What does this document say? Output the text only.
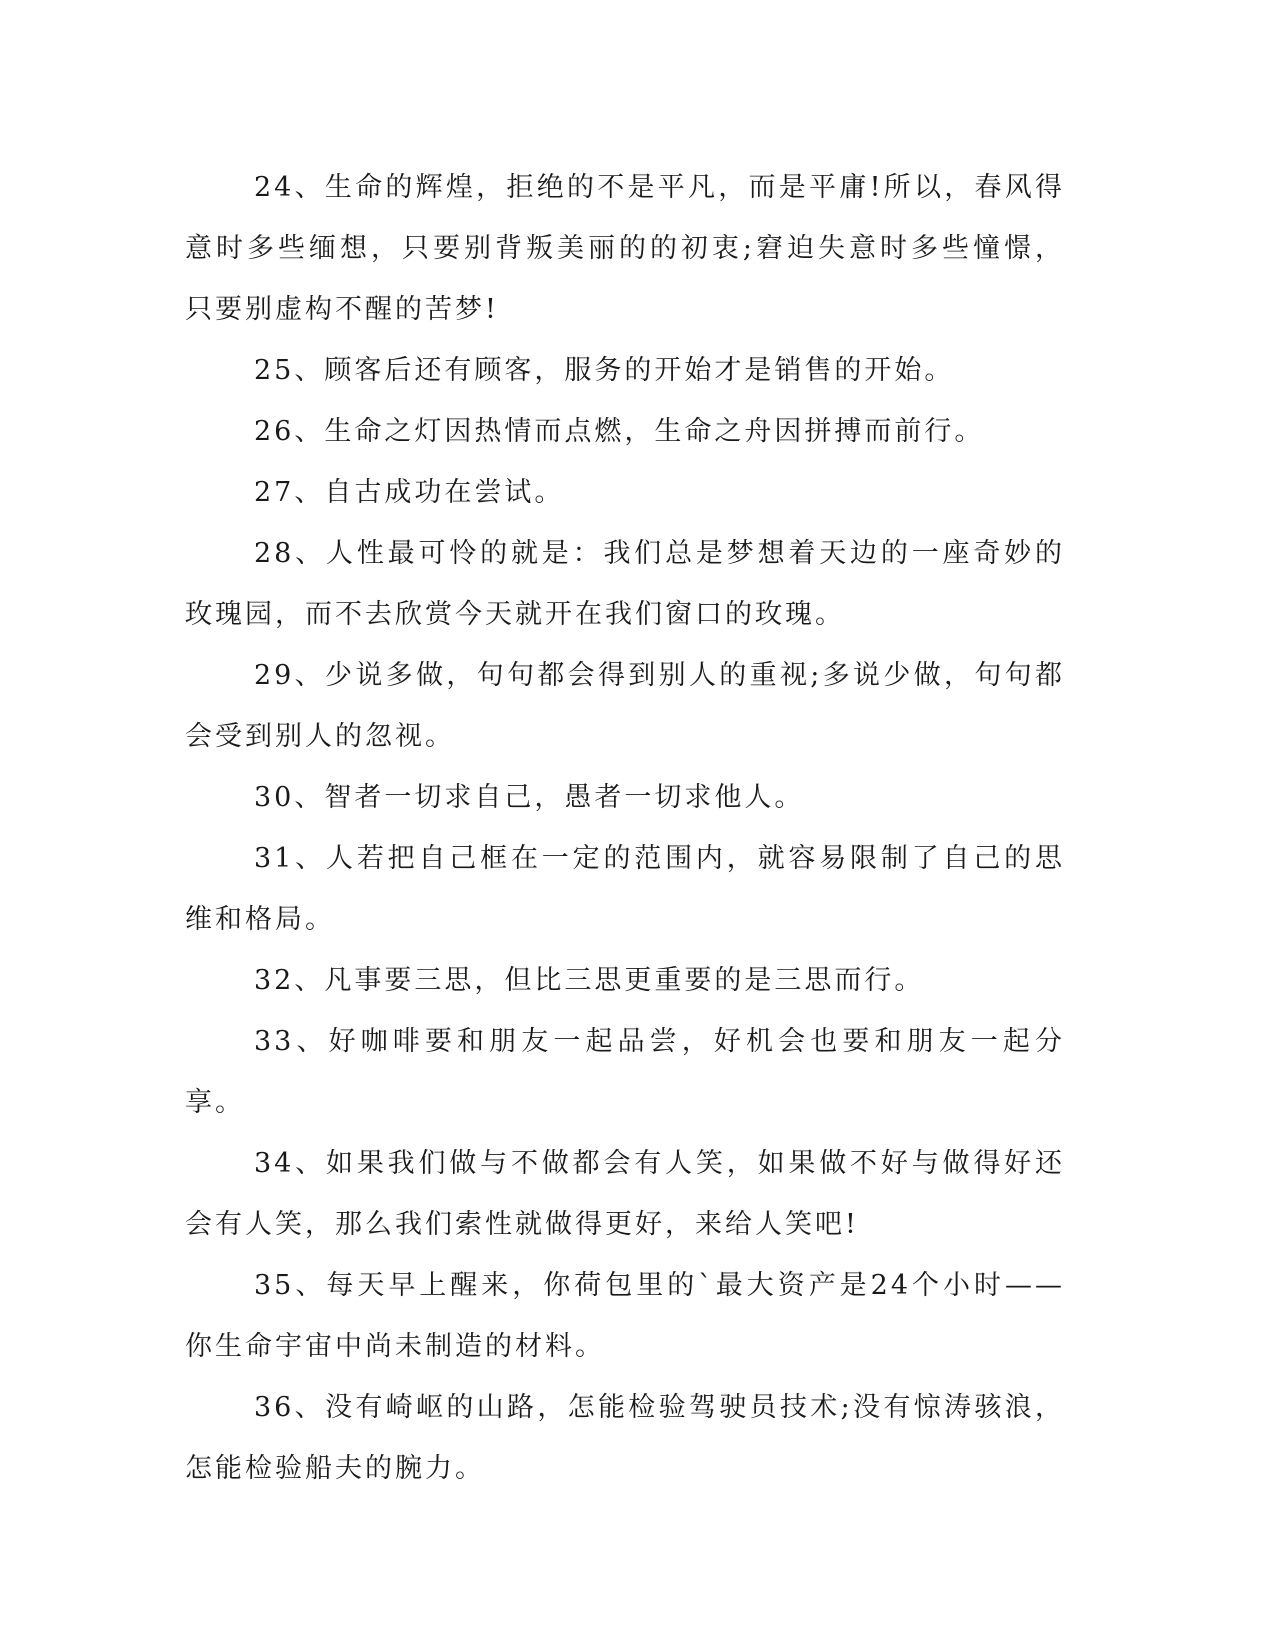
24、生命的辉煌，拒绝的不是平凡，而是平庸!所以，春风得意时多些缅想，只要别背叛美丽的的初衷;窘迫失意时多些憧憬，只要别虚构不醒的苦梦!

25、顾客后还有顾客，服务的开始才是销售的开始。

26、生命之灯因热情而点燃，生命之舟因拼搏而前行。

27、自古成功在尝试。

28、人性最可怜的就是：我们总是梦想着天边的一座奇妙的玫瑰园，而不去欣赏今天就开在我们窗口的玫瑰。

29、少说多做，句句都会得到别人的重视;多说少做，句句都会受到别人的忽视。

30、智者一切求自己，愚者一切求他人。

31、人若把自己框在一定的范围内，就容易限制了自己的思维和格局。

32、凡事要三思，但比三思更重要的是三思而行。

33、好咖啡要和朋友一起品尝，好机会也要和朋友一起分享。

34、如果我们做与不做都会有人笑，如果做不好与做得好还会有人笑，那么我们索性就做得更好，来给人笑吧!

35、每天早上醒来，你荷包里的`最大资产是24个小时——你生命宇宙中尚未制造的材料。

36、没有崎岖的山路，怎能检验驾驶员技术;没有惊涛骇浪，怎能检验船夫的腕力。
